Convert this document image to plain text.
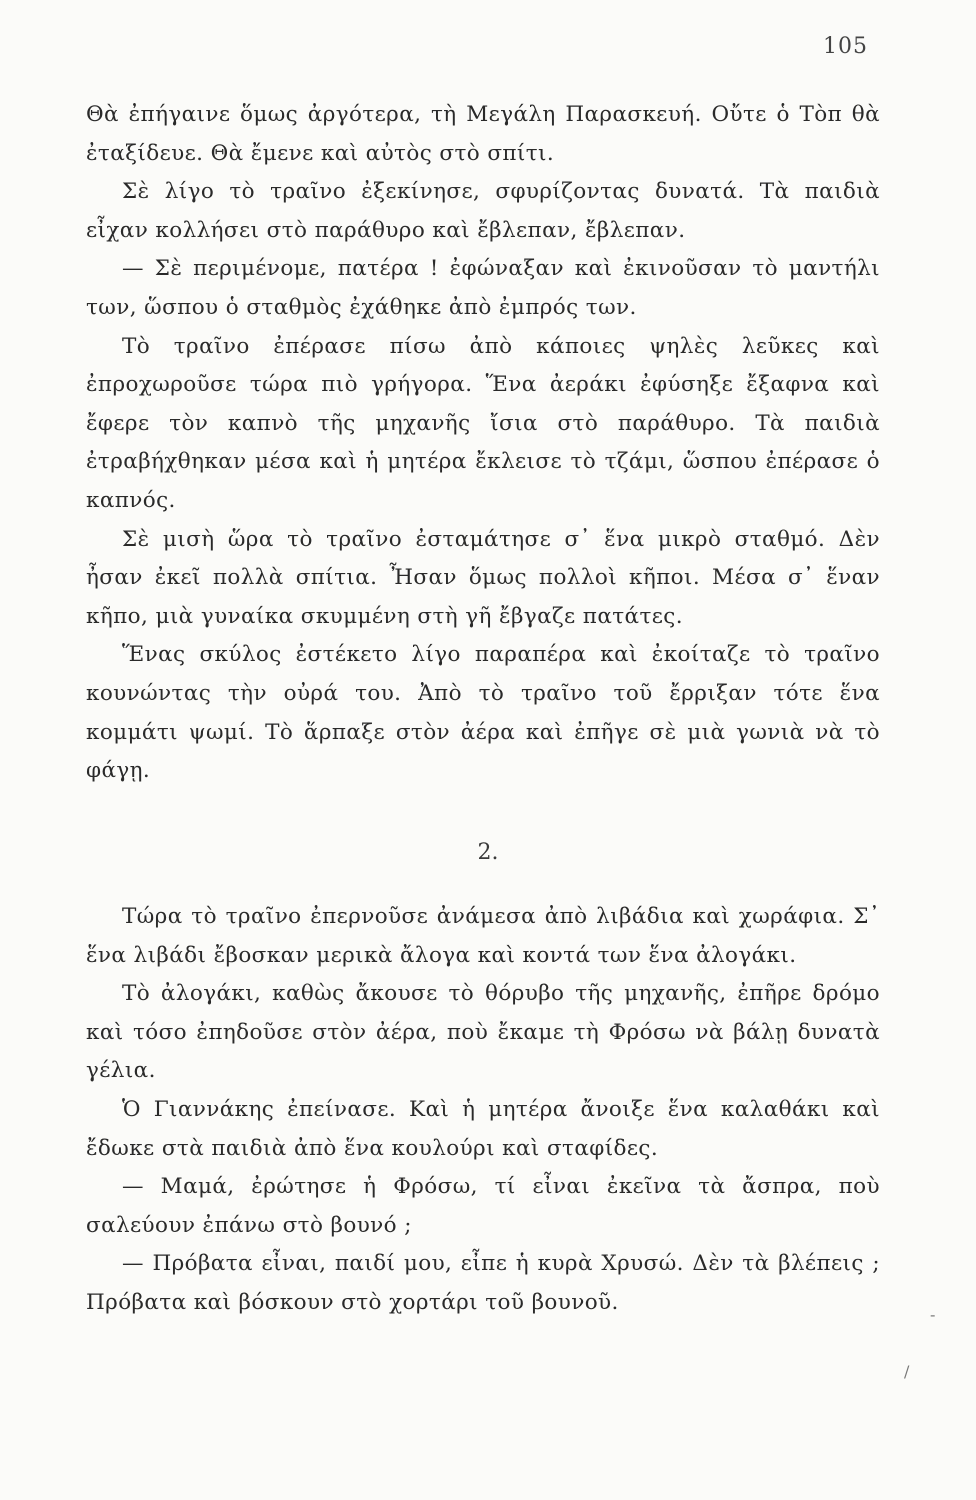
105

Θὰ ἐπήγαινε ὅμως ἀργότερα, τὴ Μεγάλη Παρασκευή. Οὔτε ὁ Τὸπ θὰ ἐταξίδευε. Θὰ ἔμενε καὶ αὐτὸς στὸ σπίτι.

Σὲ λίγο τὸ τραῖνο ἐξεκίνησε, σφυρίζοντας δυνατά. Τὰ παιδιὰ εἶχαν κολλήσει στὸ παράθυρο καὶ ἔβλεπαν, ἔβλεπαν.

— Σὲ περιμένομε, πατέρα ! ἐφώναξαν καὶ ἐκινοῦσαν τὸ μαντήλι των, ὥσπου ὁ σταθμὸς ἐχάθηκε ἀπὸ ἐμπρός των.

Τὸ τραῖνο ἐπέρασε πίσω ἀπὸ κάποιες ψηλὲς λεῦκες καὶ ἐπροχωροῦσε τώρα πιὸ γρήγορα. Ἕνα ἀεράκι ἐφύσηξε ἔξαφνα καὶ ἔφερε τὸν καπνὸ τῆς μηχανῆς ἴσια στὸ παράθυρο. Τὰ παιδιὰ ἐτραβήχθηκαν μέσα καὶ ἡ μητέρα ἔκλεισε τὸ τζάμι, ὥσπου ἐπέρασε ὁ καπνός.

Σὲ μισὴ ὥρα τὸ τραῖνο ἐσταμάτησε σ᾽ ἕνα μικρὸ σταθμό. Δὲν ἦσαν ἐκεῖ πολλὰ σπίτια. Ἦσαν ὅμως πολλοὶ κῆποι. Μέσα σ᾽ ἕναν κῆπο, μιὰ γυναίκα σκυμμένη στὴ γῆ ἔβγαζε πατάτες.

Ἕνας σκύλος ἐστέκετο λίγο παραπέρα καὶ ἐκοίταζε τὸ τραῖνο κουνώντας τὴν οὐρά του. Ἀπὸ τὸ τραῖνο τοῦ ἔρριξαν τότε ἕνα κομμάτι ψωμί. Τὸ ἅρπαξε στὸν ἀέρα καὶ ἐπῆγε σὲ μιὰ γωνιὰ νὰ τὸ φάγῃ.

2.

Τώρα τὸ τραῖνο ἐπερνοῦσε ἀνάμεσα ἀπὸ λιβάδια καὶ χωράφια. Σ᾽ ἕνα λιβάδι ἔβοσκαν μερικὰ ἄλογα καὶ κοντά των ἕνα ἀλογάκι.

Τὸ ἀλογάκι, καθὼς ἄκουσε τὸ θόρυβο τῆς μηχανῆς, ἐπῆρε δρόμο καὶ τόσο ἐπηδοῦσε στὸν ἀέρα, ποὺ ἔκαμε τὴ Φρόσω νὰ βάλῃ δυνατὰ γέλια.

Ὁ Γιαννάκης ἐπείνασε. Καὶ ἡ μητέρα ἄνοιξε ἕνα καλαθάκι καὶ ἔδωκε στὰ παιδιὰ ἀπὸ ἕνα κουλούρι καὶ σταφίδες.

— Μαμά, ἐρώτησε ἡ Φρόσω, τί εἶναι ἐκεῖνα τὰ ἄσπρα, ποὺ σαλεύουν ἐπάνω στὸ βουνό ;

— Πρόβατα εἶναι, παιδί μου, εἶπε ἡ κυρὰ Χρυσώ. Δὲν τὰ βλέπεις ; Πρόβατα καὶ βόσκουν στὸ χορτάρι τοῦ βουνοῦ.	-
/
